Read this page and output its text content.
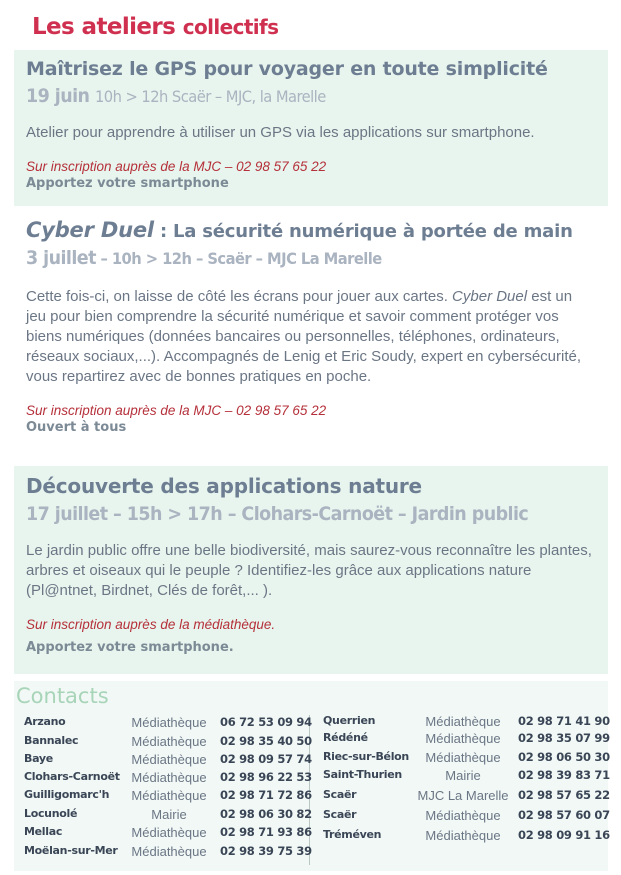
Les ateliers collectifs
Maîtrisez le GPS pour voyager en toute simplicité
19 juin 10h > 12h Scaër – MJC, la Marelle
Atelier pour apprendre à utiliser un GPS via les applications sur smartphone.
Sur inscription auprès de la MJC – 02 98 57 65 22
Apportez votre smartphone
Cyber Duel : La sécurité numérique à portée de main
3 juillet – 10h > 12h – Scaër – MJC La Marelle
Cette fois-ci, on laisse de côté les écrans pour jouer aux cartes. Cyber Duel est un jeu pour bien comprendre la sécurité numérique et savoir comment protéger vos biens numériques (données bancaires ou personnelles, téléphones, ordinateurs, réseaux sociaux,...). Accompagnés de Lenig et Eric Soudy, expert en cybersécurité, vous repartirez avec de bonnes pratiques en poche.
Sur inscription auprès de la MJC – 02 98 57 65 22
Ouvert à tous
Découverte des applications nature
17 juillet – 15h > 17h – Clohars-Carnoët – Jardin public
Le jardin public offre une belle biodiversité, mais saurez-vous reconnaître les plantes, arbres et oiseaux qui le peuple ? Identifiez-les grâce aux applications nature (Pl@ntnet, Birdnet, Clés de forêt,... ).
Sur inscription auprès de la médiathèque.
Apportez votre smartphone.
Contacts
Arzano	Médiathèque	06 72 53 09 94
Bannalec	Médiathèque	02 98 35 40 50
Baye	Médiathèque	02 98 09 57 74
Clohars-Carnoët Médiathèque	02 98 96 22 53
Guilligomarc'h	Médiathèque	02 98 71 72 86
Locunolé	Mairie	02 98 06 30 82
Mellac	Médiathèque	02 98 71 93 86
Moëlan-sur-Mer	Médiathèque	02 98 39 75 39
Querrien	Médiathèque	02 98 71 41 90
Rédéné	Médiathèque	02 98 35 07 99
Riec-sur-Bélon	Médiathèque	02 98 06 50 30
Saint-Thurien	Mairie	02 98 39 83 71
Scaër	MJC La Marelle 02 98 57 65 22
Scaër	Médiathèque	02 98 57 60 07
Tréméven	Médiathèque	02 98 09 91 16
